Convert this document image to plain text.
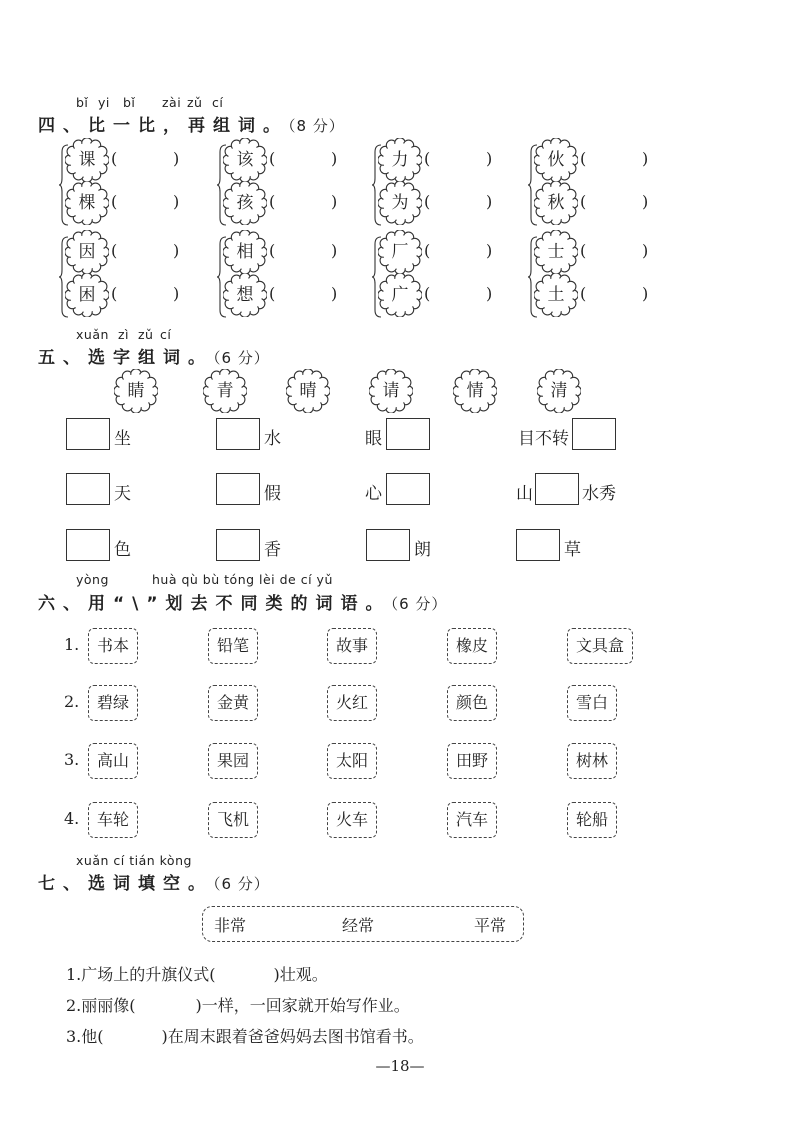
bǐ yi bǐ zài zǔ cí
四、比一比，再组词。（8 分）
课 (	)
棵 (	)
该 (	)
孩 (	)
力 (	)
为 (	)
伙 (	)
秋 (	)
因 (	)
困 (	)
相 (	)
想 (	)
厂 (	)
广 (	)
士 (	)
土 (	)
xuǎn zì zǔ cí
五、选字组词。（6 分）
睛	青	晴	请	情	清
坐	水	眼	目不转
天	假	心	山	水秀
色	香	朗	草
yòng	huà qù bù tóng lèi de cí yǔ
六、用“\”划去不同类的词语。（6 分）
1.	书本	铅笔	故事	橡皮	文具盒
2.	碧绿	金黄	火红	颜色	雪白
3.	高山	果园	太阳	田野	树林
4.	车轮	飞机	火车	汽车	轮船
xuǎn cí tián kòng
七、选词填空。（6 分）
非常	经常	平常
1.广场上的升旗仪式(	)壮观。
2.丽丽像(	)一样，一回家就开始写作业。
3.他(	)在周末跟着爸爸妈妈去图书馆看书。
—18—
